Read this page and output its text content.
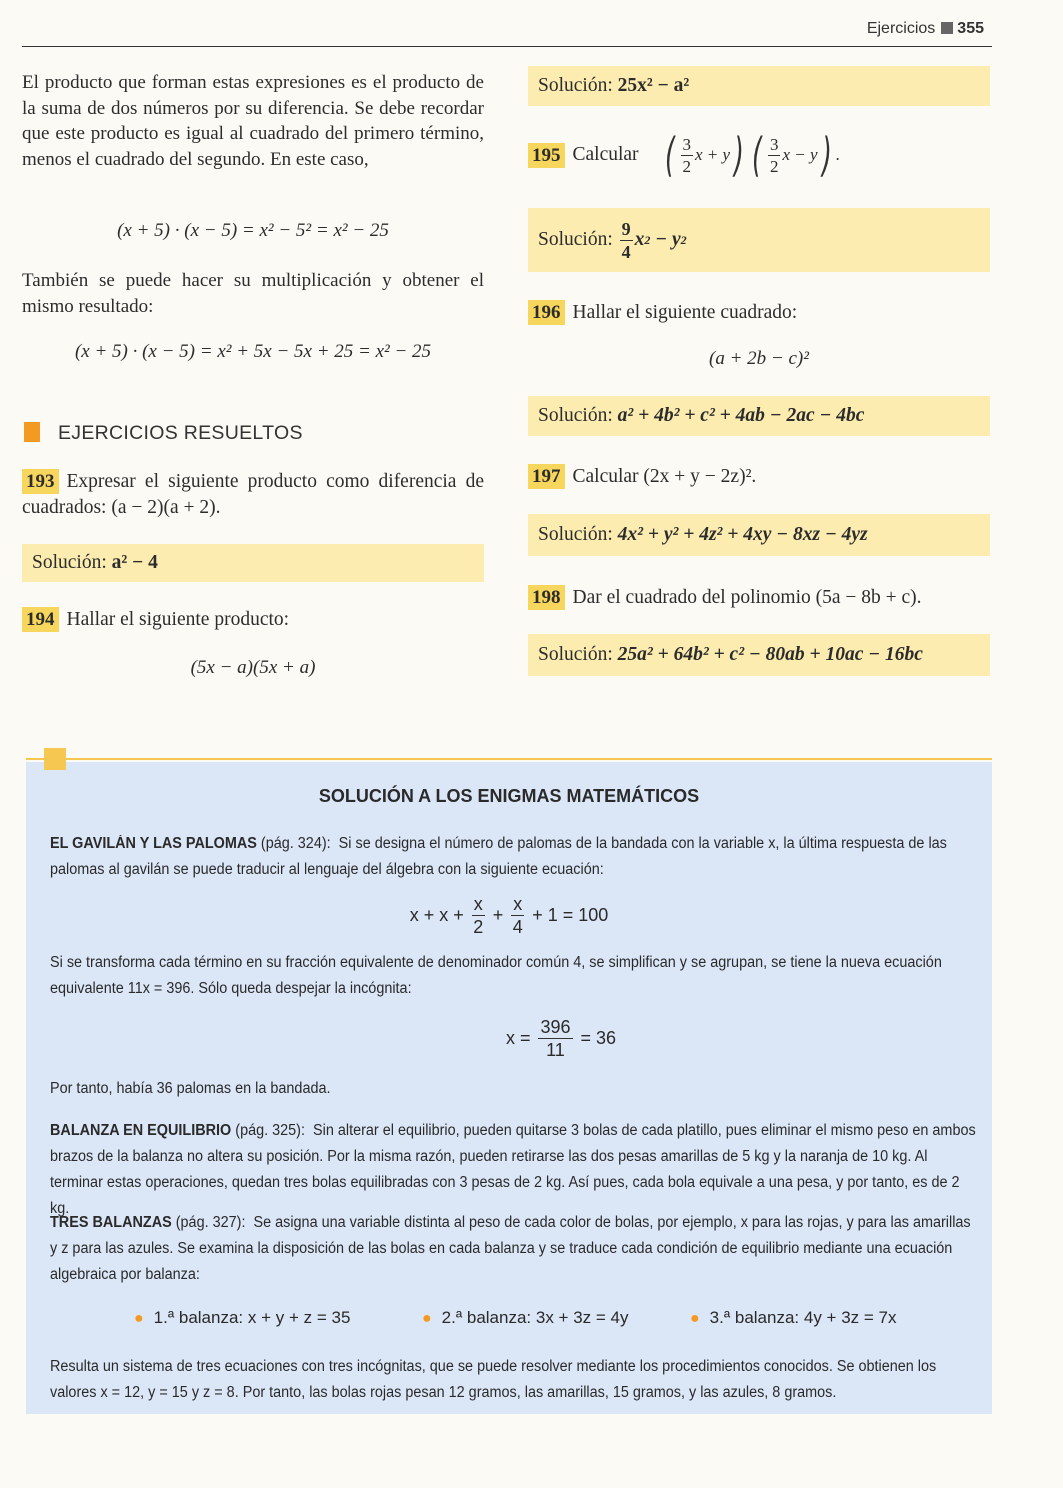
Ejercicios 355
El producto que forman estas expresiones es el producto de la suma de dos números por su diferencia. Se debe recordar que este producto es igual al cuadrado del primero término, menos el cuadrado del segundo. En este caso,
(x + 5) · (x − 5) = x² − 5² = x² − 25
También se puede hacer su multiplicación y obtener el mismo resultado:
(x + 5) · (x − 5) = x² + 5x − 5x + 25 = x² − 25
EJERCICIOS RESUELTOS
193 Expresar el siguiente producto como diferencia de cuadrados: (a − 2)(a + 2).
Solución:
a² − 4
194 Hallar el siguiente producto:
(5x − a)(5x + a)
Solución:
25x² − a²
195 Calcular ( $\frac{3}{2}$ x + y ) ( $\frac{3}{2}$ x − y ) .
Solución:
$\frac{9}{4}$ x 2 − y 2
196 Hallar el siguiente cuadrado:
(a + 2b − c)²
Solución:
a² + 4b² + c² + 4ab − 2ac − 4bc
197 Calcular (2x + y − 2z)².
Solución:
4x² + y² + 4z² + 4xy − 8xz − 4yz
198 Dar el cuadrado del polinomio (5a − 8b + c).
Solución:
25a² + 64b² + c² − 80ab + 10ac − 16bc
SOLUCIÓN A LOS ENIGMAS MATEMÁTICOS
EL GAVILÁN Y LAS PALOMAS (pág. 324): Si se designa el número de palomas de la bandada con la variable x, la última respuesta de las palomas al gavilán se puede traducir al lenguaje del álgebra con la siguiente ecuación:
$x + x + \frac{x}{2} + \frac{x}{4} + 1 = 100$
Si se transforma cada término en su fracción equivalente de denominador común 4, se simplifican y se agrupan, se tiene la nueva ecuación equivalente 11x = 396. Sólo queda despejar la incógnita:
$x = \frac{396}{11} = 36$
Por tanto, había 36 palomas en la bandada.
BALANZA EN EQUILIBRIO (pág. 325): Sin alterar el equilibrio, pueden quitarse 3 bolas de cada platillo, pues eliminar el mismo peso en ambos brazos de la balanza no altera su posición. Por la misma razón, pueden retirarse las dos pesas amarillas de 5 kg y la naranja de 10 kg. Al terminar estas operaciones, quedan tres bolas equilibradas con 3 pesas de 2 kg. Así pues, cada bola equivale a una pesa, y por tanto, es de 2 kg.
TRES BALANZAS (pág. 327): Se asigna una variable distinta al peso de cada color de bolas, por ejemplo, x para las rojas, y para las amarillas y z para las azules. Se examina la disposición de las bolas en cada balanza y se traduce cada condición de equilibrio mediante una ecuación algebraica por balanza:
● 1.ª balanza: x + y + z = 35	● 2.ª balanza: 3x + 3z = 4y	● 3.ª balanza: 4y + 3z = 7x
Resulta un sistema de tres ecuaciones con tres incógnitas, que se puede resolver mediante los procedimientos conocidos. Se obtienen los valores x = 12, y = 15 y z = 8. Por tanto, las bolas rojas pesan 12 gramos, las amarillas, 15 gramos, y las azules, 8 gramos.
